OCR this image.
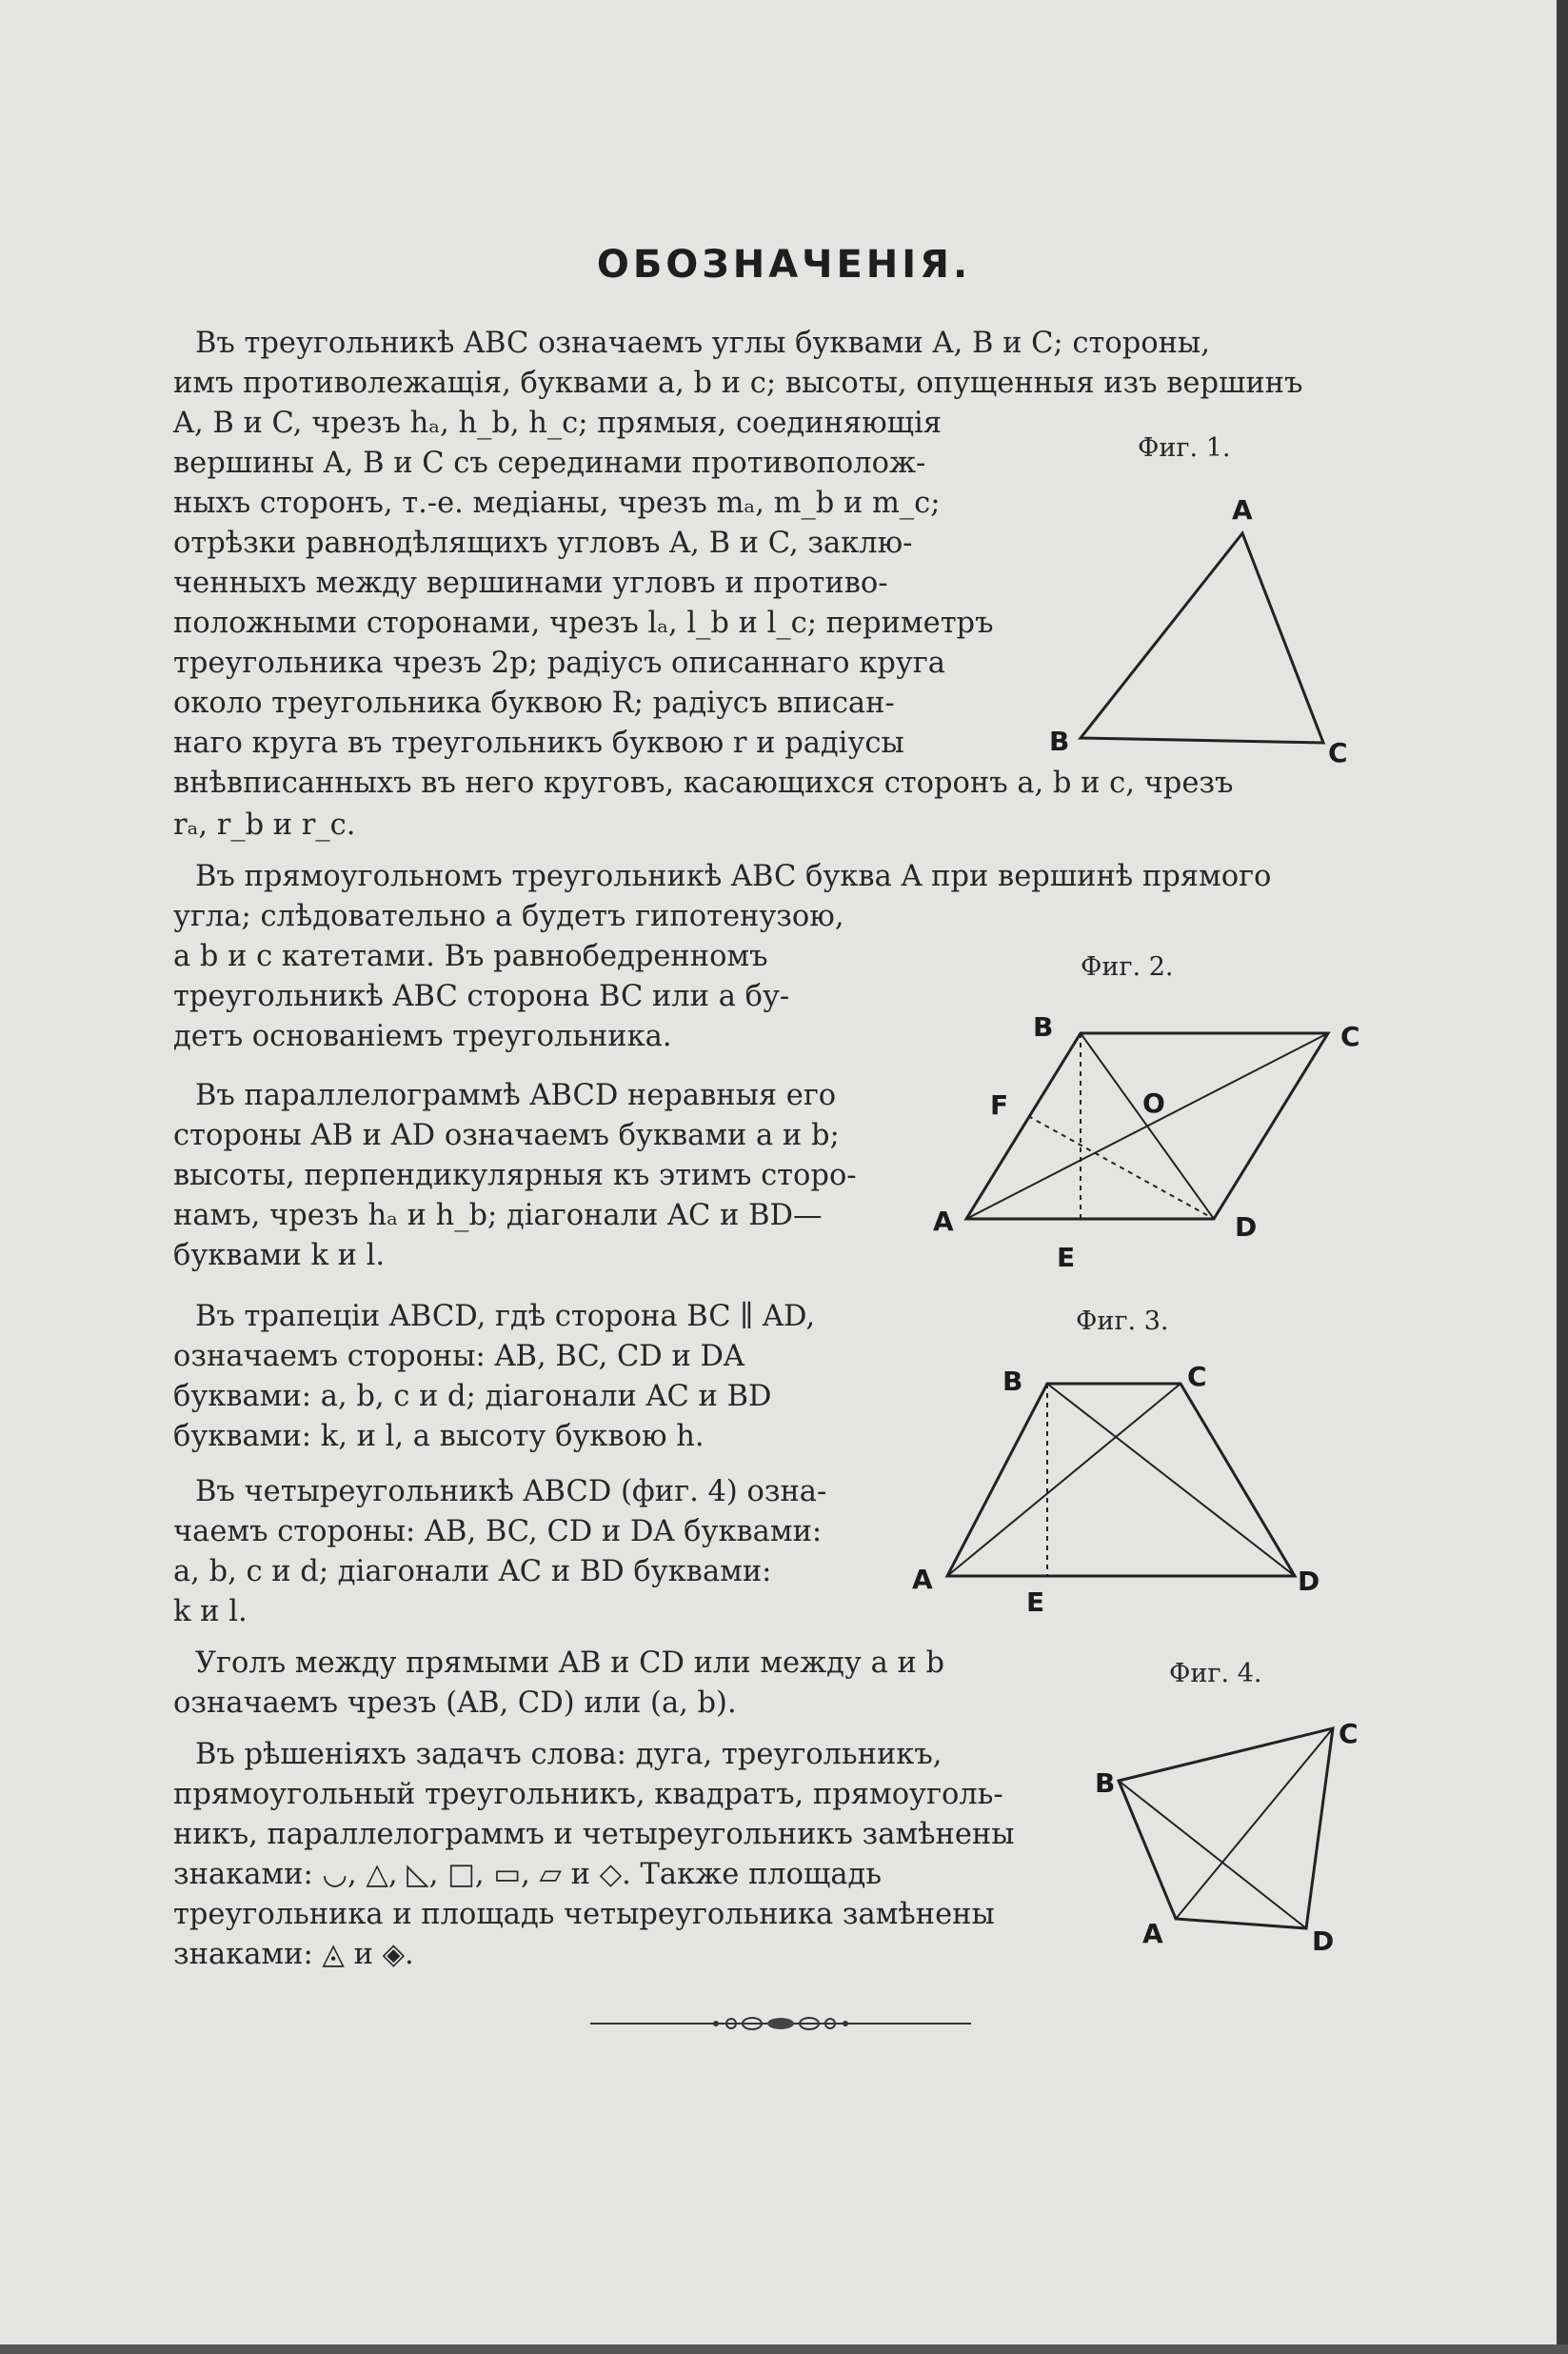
ОБОЗНАЧЕНІЯ.
Въ треугольникѣ ABC означаемъ углы буквами A, B и C; стороны,
имъ противолежащія, буквами a, b и c; высоты, опущенныя изъ вершинъ
A, B и C, чрезъ hₐ, h_b, h_c; прямыя, соединяющія
вершины A, B и C съ серединами противополож-
ныхъ сторонъ, т.-е. медіаны, чрезъ mₐ, m_b и m_c;
отрѣзки равнодѣлящихъ угловъ A, B и C, заклю-
ченныхъ между вершинами угловъ и противо-
положными сторонами, чрезъ lₐ, l_b и l_c; периметръ
треугольника чрезъ 2p; радіусъ описаннаго круга
около треугольника буквою R; радіусъ вписан-
наго круга въ треугольникъ буквою r и радіусы
внѣвписанныхъ въ него круговъ, касающихся сторонъ a, b и c, чрезъ
rₐ, r_b и r_c.
Въ прямоугольномъ треугольникѣ ABC буква A при вершинѣ прямого
угла; слѣдовательно a будетъ гипотенузою,
a b и c катетами. Въ равнобедренномъ
треугольникѣ ABC сторона BC или a бу-
детъ основаніемъ треугольника.
Въ параллелограммѣ ABCD неравныя его
стороны AB и AD означаемъ буквами a и b;
высоты, перпендикулярныя къ этимъ сторо-
намъ, чрезъ hₐ и h_b; діагонали AC и BD—
буквами k и l.
Въ трапеціи ABCD, гдѣ сторона BC ∥ AD,
означаемъ стороны: AB, BC, CD и DA
буквами: a, b, c и d; діагонали AC и BD
буквами: k, и l, а высоту буквою h.
Въ четыреугольникѣ ABCD (фиг. 4) озна-
чаемъ стороны: AB, BC, CD и DA буквами:
a, b, c и d; діагонали AC и BD буквами:
k и l.
Уголъ между прямыми AB и CD или между a и b
означаемъ чрезъ (AB, CD) или (a, b).
Въ рѣшеніяхъ задачъ слова: дуга, треугольникъ,
прямоугольный треугольникъ, квадратъ, прямоуголь-
никъ, параллелограммъ и четыреугольникъ замѣнены
знаками: ◡, △, ◺, □, ▭, ▱ и ◇. Также площадь
треугольника и площадь четыреугольника замѣнены
знаками: ◬ и ◈.
Фиг. 1.
A
B	C
Фиг. 2.
A
B	C
D
E
F	O
Фиг. 3.
A
B	C
D
E
Фиг. 4.
A
B
C
D
